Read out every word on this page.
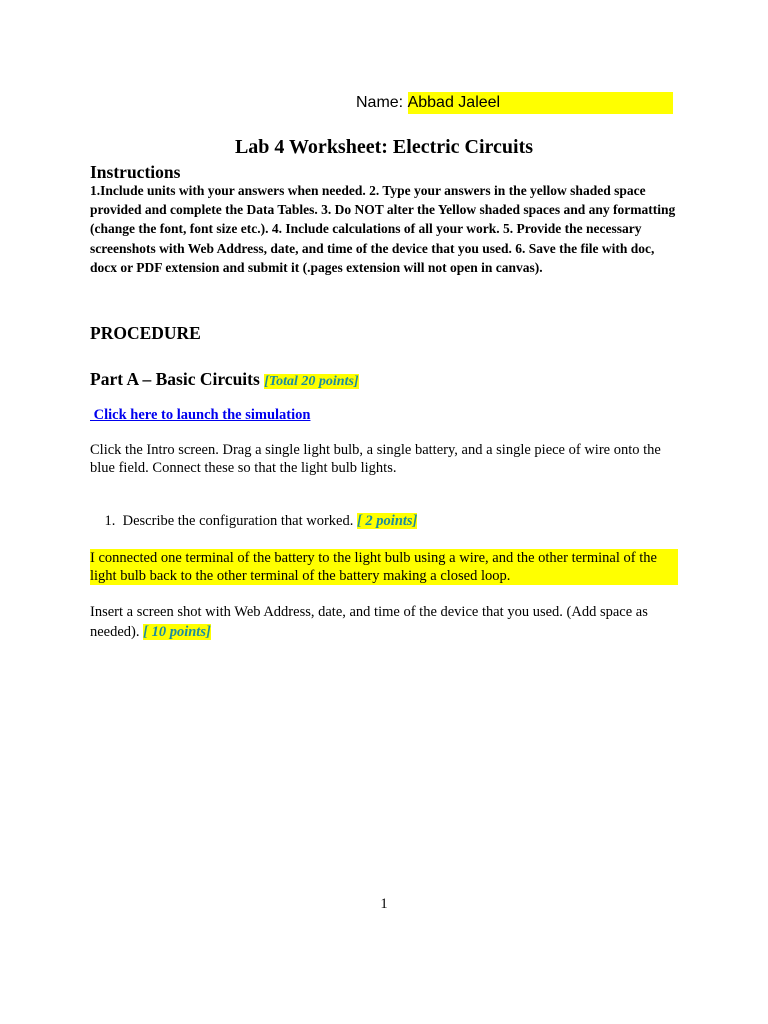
Name: Abbad Jaleel
Lab 4 Worksheet: Electric Circuits
Instructions
1.Include units with your answers when needed. 2. Type your answers in the yellow shaded space provided and complete the Data Tables. 3. Do NOT alter the Yellow shaded spaces and any formatting (change the font, font size etc.). 4. Include calculations of all your work. 5. Provide the necessary screenshots with Web Address, date, and time of the device that you used. 6. Save the file with doc, docx or PDF extension and submit it (.pages extension will not open in canvas).
PROCEDURE
Part A – Basic Circuits [Total 20 points]
Click here to launch the simulation
Click the Intro screen. Drag a single light bulb, a single battery, and a single piece of wire onto the blue field. Connect these so that the light bulb lights.

1.  Describe the configuration that worked. [ 2 points]

I connected one terminal of the battery to the light bulb using a wire, and the other terminal of the light bulb back to the other terminal of the battery making a closed loop.
Insert a screen shot with Web Address, date, and time of the device that you used. (Add space as needed). [ 10 points]
1
